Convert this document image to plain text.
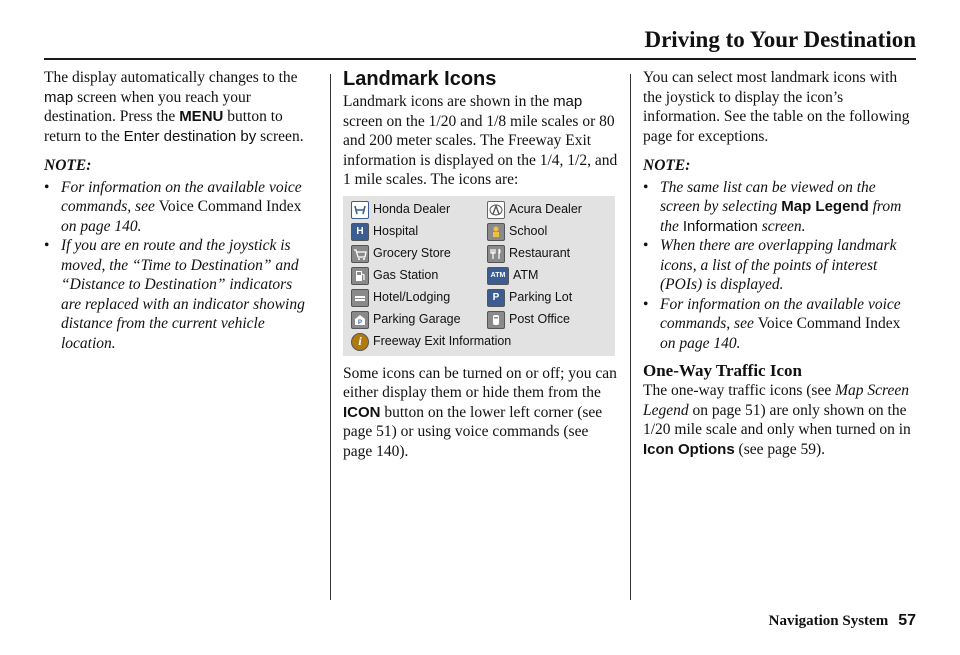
Driving to Your Destination

The display automatically changes to the map screen when you reach your destination. Press the MENU button to return to the Enter destination by screen.

NOTE:
• For information on the available voice commands, see Voice Command Index on page 140.
• If you are en route and the joystick is moved, the “Time to Destination” and “Distance to Destination” indicators are replaced with an indicator showing distance from the current vehicle location.
Landmark Icons

Landmark icons are shown in the map screen on the 1/20 and 1/8 mile scales or 80 and 200 meter scales. The Freeway Exit information is displayed on the 1/4, 1/2, and 1 mile scales. The icons are:

Honda Dealer	Acura Dealer
H Hospital	School
Grocery Store	Restaurant
Gas Station	ATM ATM
Hotel/Lodging	P Parking Lot
P Parking Garage	Post Office
i Freeway Exit Information

Some icons can be turned on or off; you can either display them or hide them from the ICON button on the lower left corner (see page 51) or using voice commands (see page 140).

You can select most landmark icons with the joystick to display the icon’s information. See the table on the following page for exceptions.

NOTE:
• The same list can be viewed on the screen by selecting Map Legend from the Information screen.
• When there are overlapping landmark icons, a list of the points of interest (POIs) is displayed.
• For information on the available voice commands, see Voice Command Index on page 140.
One-Way Traffic Icon

The one-way traffic icons (see Map Screen Legend on page 51) are only shown on the 1/20 mile scale and only when turned on in Icon Options (see page 59).

Navigation System 57
